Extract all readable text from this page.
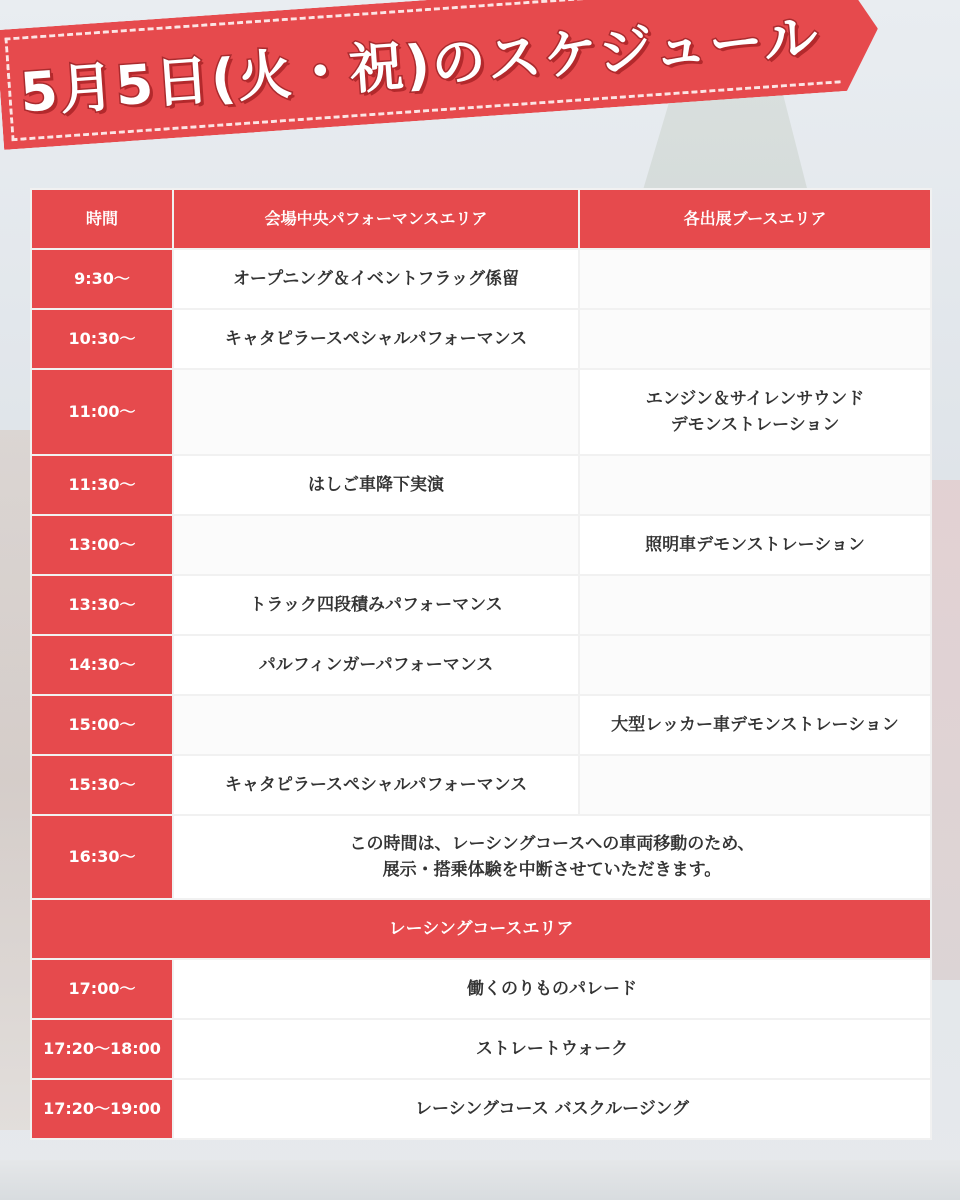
5月5日(火・祝)のスケジュール
時間	会場中央パフォーマンスエリア	各出展ブースエリア
9:30〜	オープニング＆イベントフラッグ係留	
10:30〜	キャタピラースペシャルパフォーマンス	
11:00〜		エンジン＆サイレンサウンド
デモンストレーション
11:30〜	はしご車降下実演	
13:00〜		照明車デモンストレーション
13:30〜	トラック四段積みパフォーマンス	
14:30〜	パルフィンガーパフォーマンス	
15:00〜		大型レッカー車デモンストレーション
15:30〜	キャタピラースペシャルパフォーマンス	
16:30〜	この時間は、レーシングコースへの車両移動のため、
展示・搭乗体験を中断させていただきます。	
レーシングコースエリア		
17:00〜	働くのりものパレード	
17:20〜18:00	ストレートウォーク	
17:20〜19:00	レーシングコース バスクルージング	
